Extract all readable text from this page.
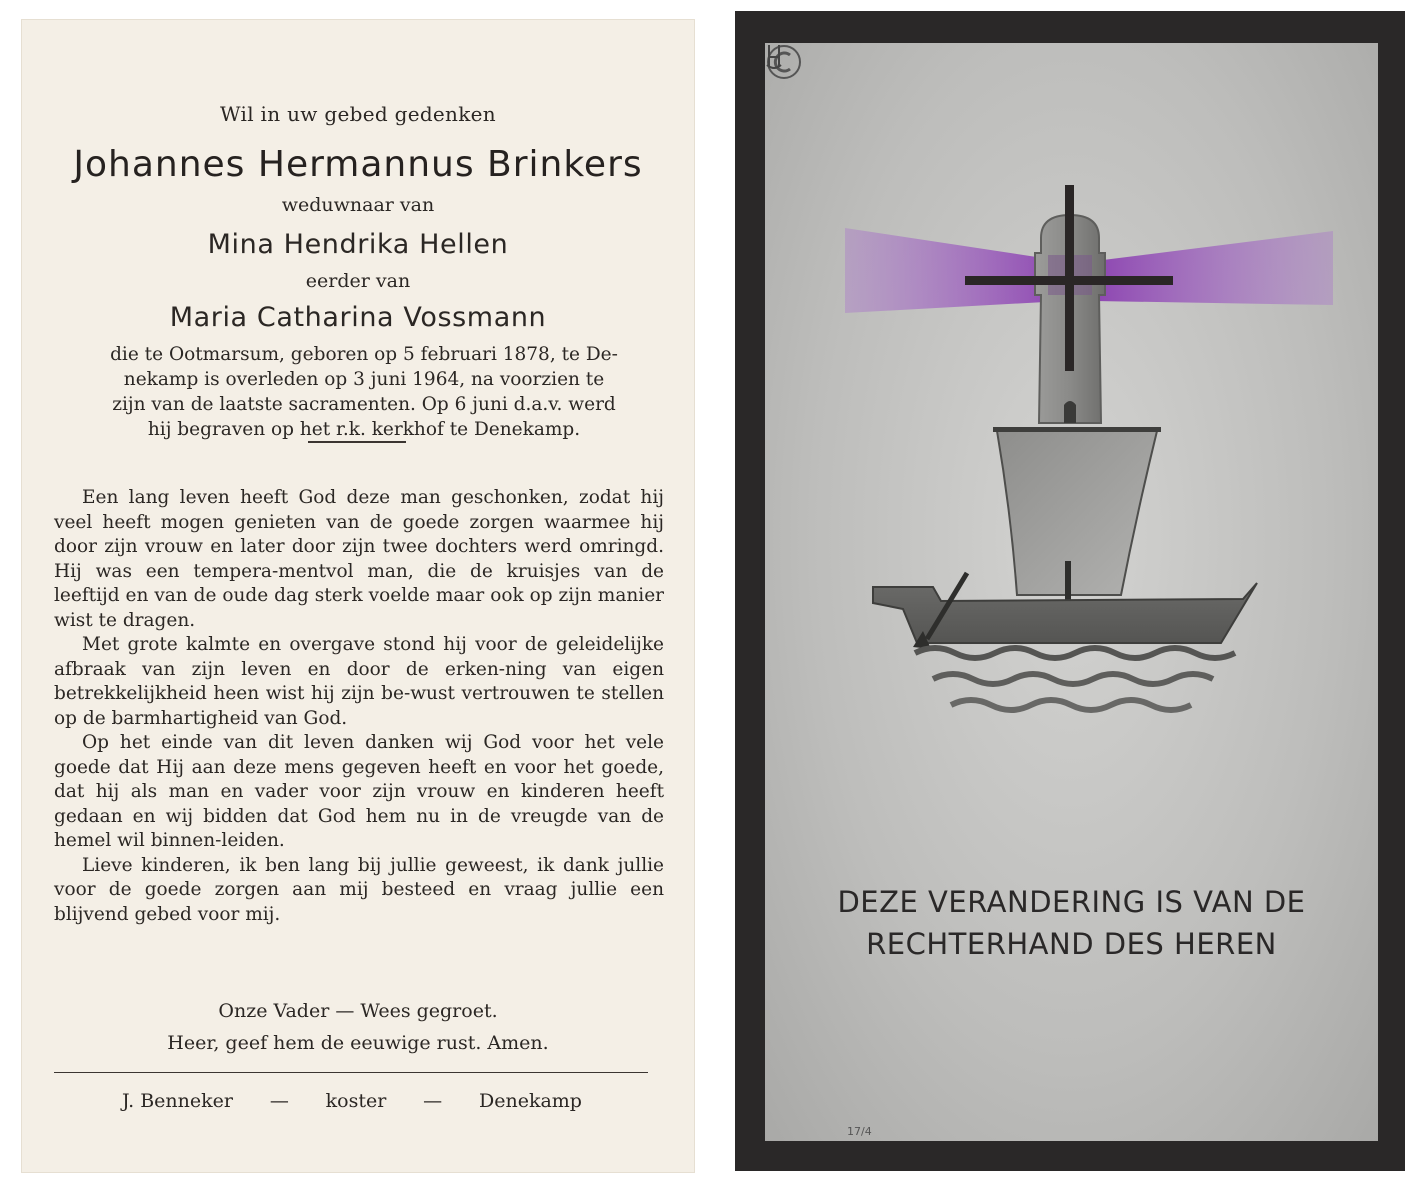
Wil in uw gebed gedenken
Johannes Hermannus Brinkers
weduwnaar van
Mina Hendrika Hellen
eerder van
Maria Catharina Vossmann
die te Ootmarsum, geboren op 5 februari 1878, te De-
nekamp is overleden op 3 juni 1964, na voorzien te
zijn van de laatste sacramenten. Op 6 juni d.a.v. werd
hij begraven op het r.k. kerkhof te Denekamp.

Een lang leven heeft God deze man geschonken, zodat hij veel heeft mogen genieten van de goede zorgen waarmee hij door zijn vrouw en later door zijn twee dochters werd omringd. Hij was een tempera-mentvol man, die de kruisjes van de leeftijd en van de oude dag sterk voelde maar ook op zijn manier wist te dragen.

Met grote kalmte en overgave stond hij voor de geleidelijke afbraak van zijn leven en door de erken-ning van eigen betrekkelijkheid heen wist hij zijn be-wust vertrouwen te stellen op de barmhartigheid van God.

Op het einde van dit leven danken wij God voor het vele goede dat Hij aan deze mens gegeven heeft en voor het goede, dat hij als man en vader voor zijn vrouw en kinderen heeft gedaan en wij bidden dat God hem nu in de vreugde van de hemel wil binnen-leiden.

Lieve kinderen, ik ben lang bij jullie geweest, ik dank jullie voor de goede zorgen aan mij besteed en vraag jullie een blijvend gebed voor mij.

Onze Vader — Wees gegroet.
Heer, geef hem de eeuwige rust. Amen.
J. Benneker — koster — Denekamp
DEZE VERANDERING IS VAN DE
RECHTERHAND DES HEREN
17/4
